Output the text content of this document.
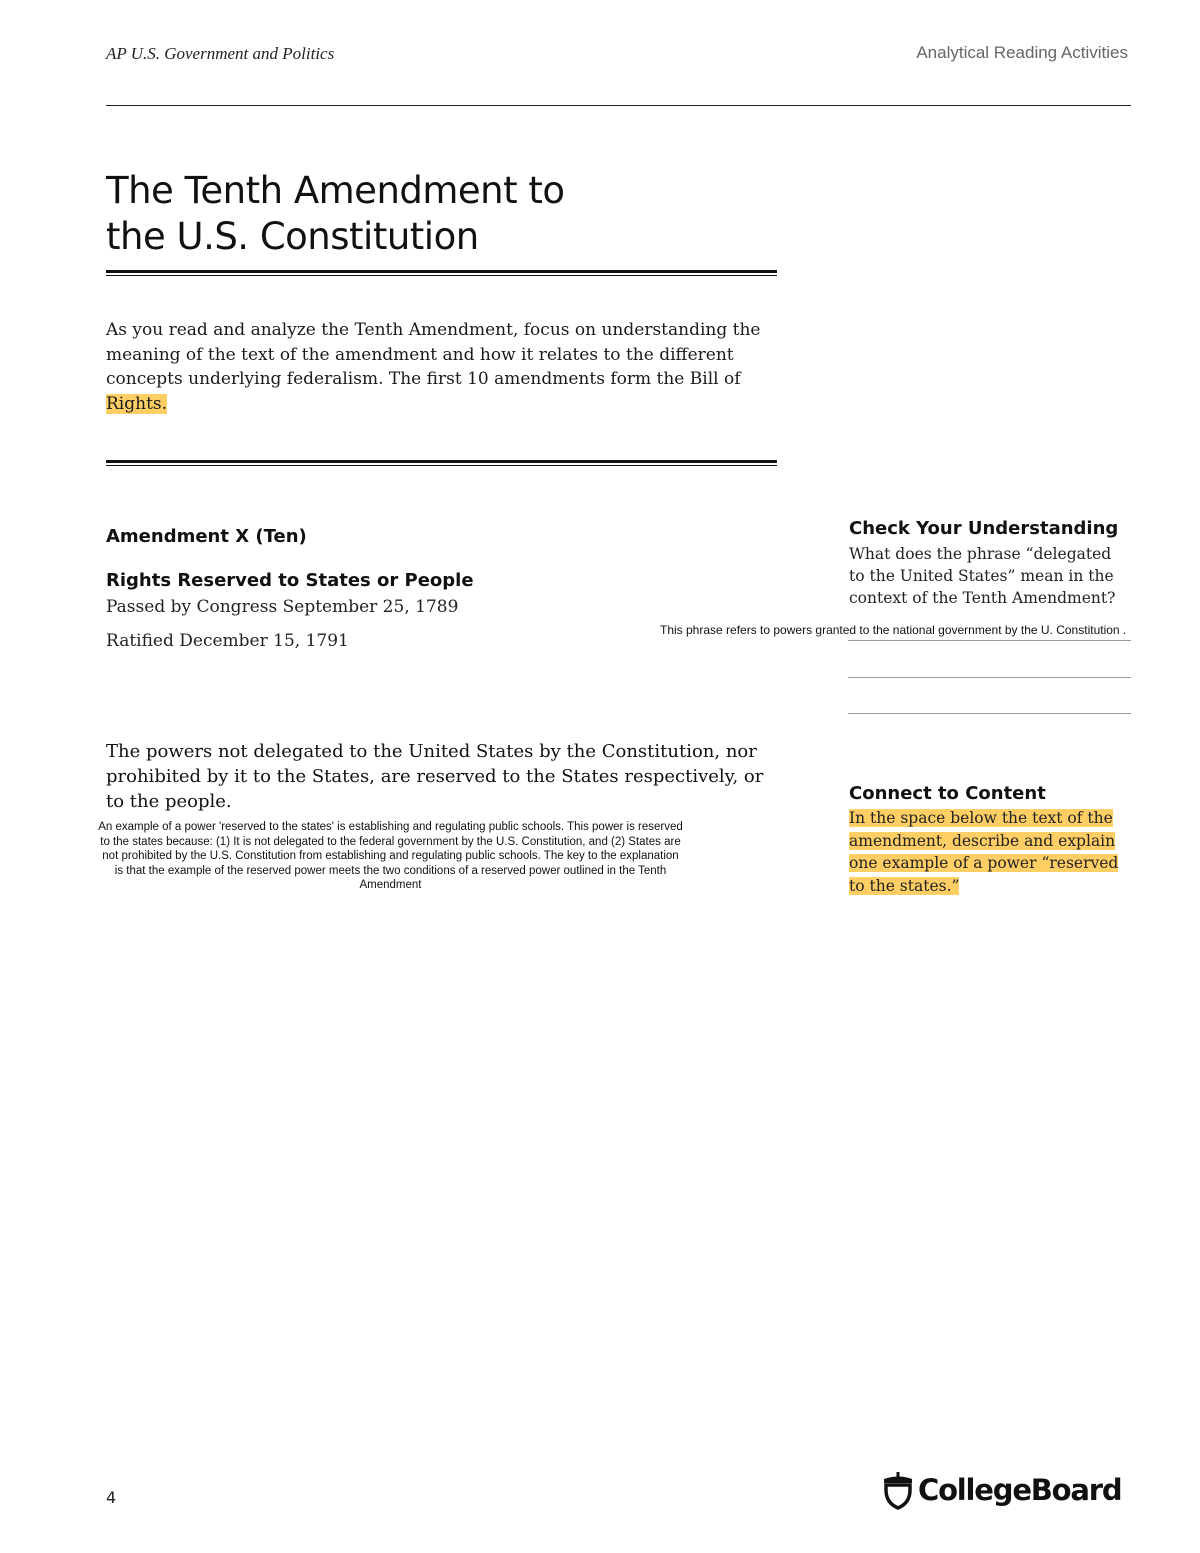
AP U.S. Government and Politics	Analytical Reading Activities
The Tenth Amendment to
the U.S. Constitution
As you read and analyze the Tenth Amendment, focus on understanding the meaning of the text of the amendment and how it relates to the different concepts underlying federalism. The first 10 amendments form the Bill of Rights.
Amendment X (Ten)
Rights Reserved to States or People
Passed by Congress September 25, 1789
Ratified December 15, 1791
The powers not delegated to the United States by the Constitution, nor prohibited by it to the States, are reserved to the States respectively, or to the people.
An example of a power 'reserved to the states' is establishing and regulating public schools. This power is reserved to the states because: (1) It is not delegated to the federal government by the U.S. Constitution, and (2) States are not prohibited by the U.S. Constitution from establishing and regulating public schools. The key to the explanation is that the example of the reserved power meets the two conditions of a reserved power outlined in the Tenth Amendment
Check Your Understanding
What does the phrase “delegated to the United States” mean in the context of the Tenth Amendment?
This phrase refers to powers granted to the national government by the U. Constitution .
Connect to Content
In the space below the text of the amendment, describe and explain one example of a power “reserved to the states.”
4	CollegeBoard
